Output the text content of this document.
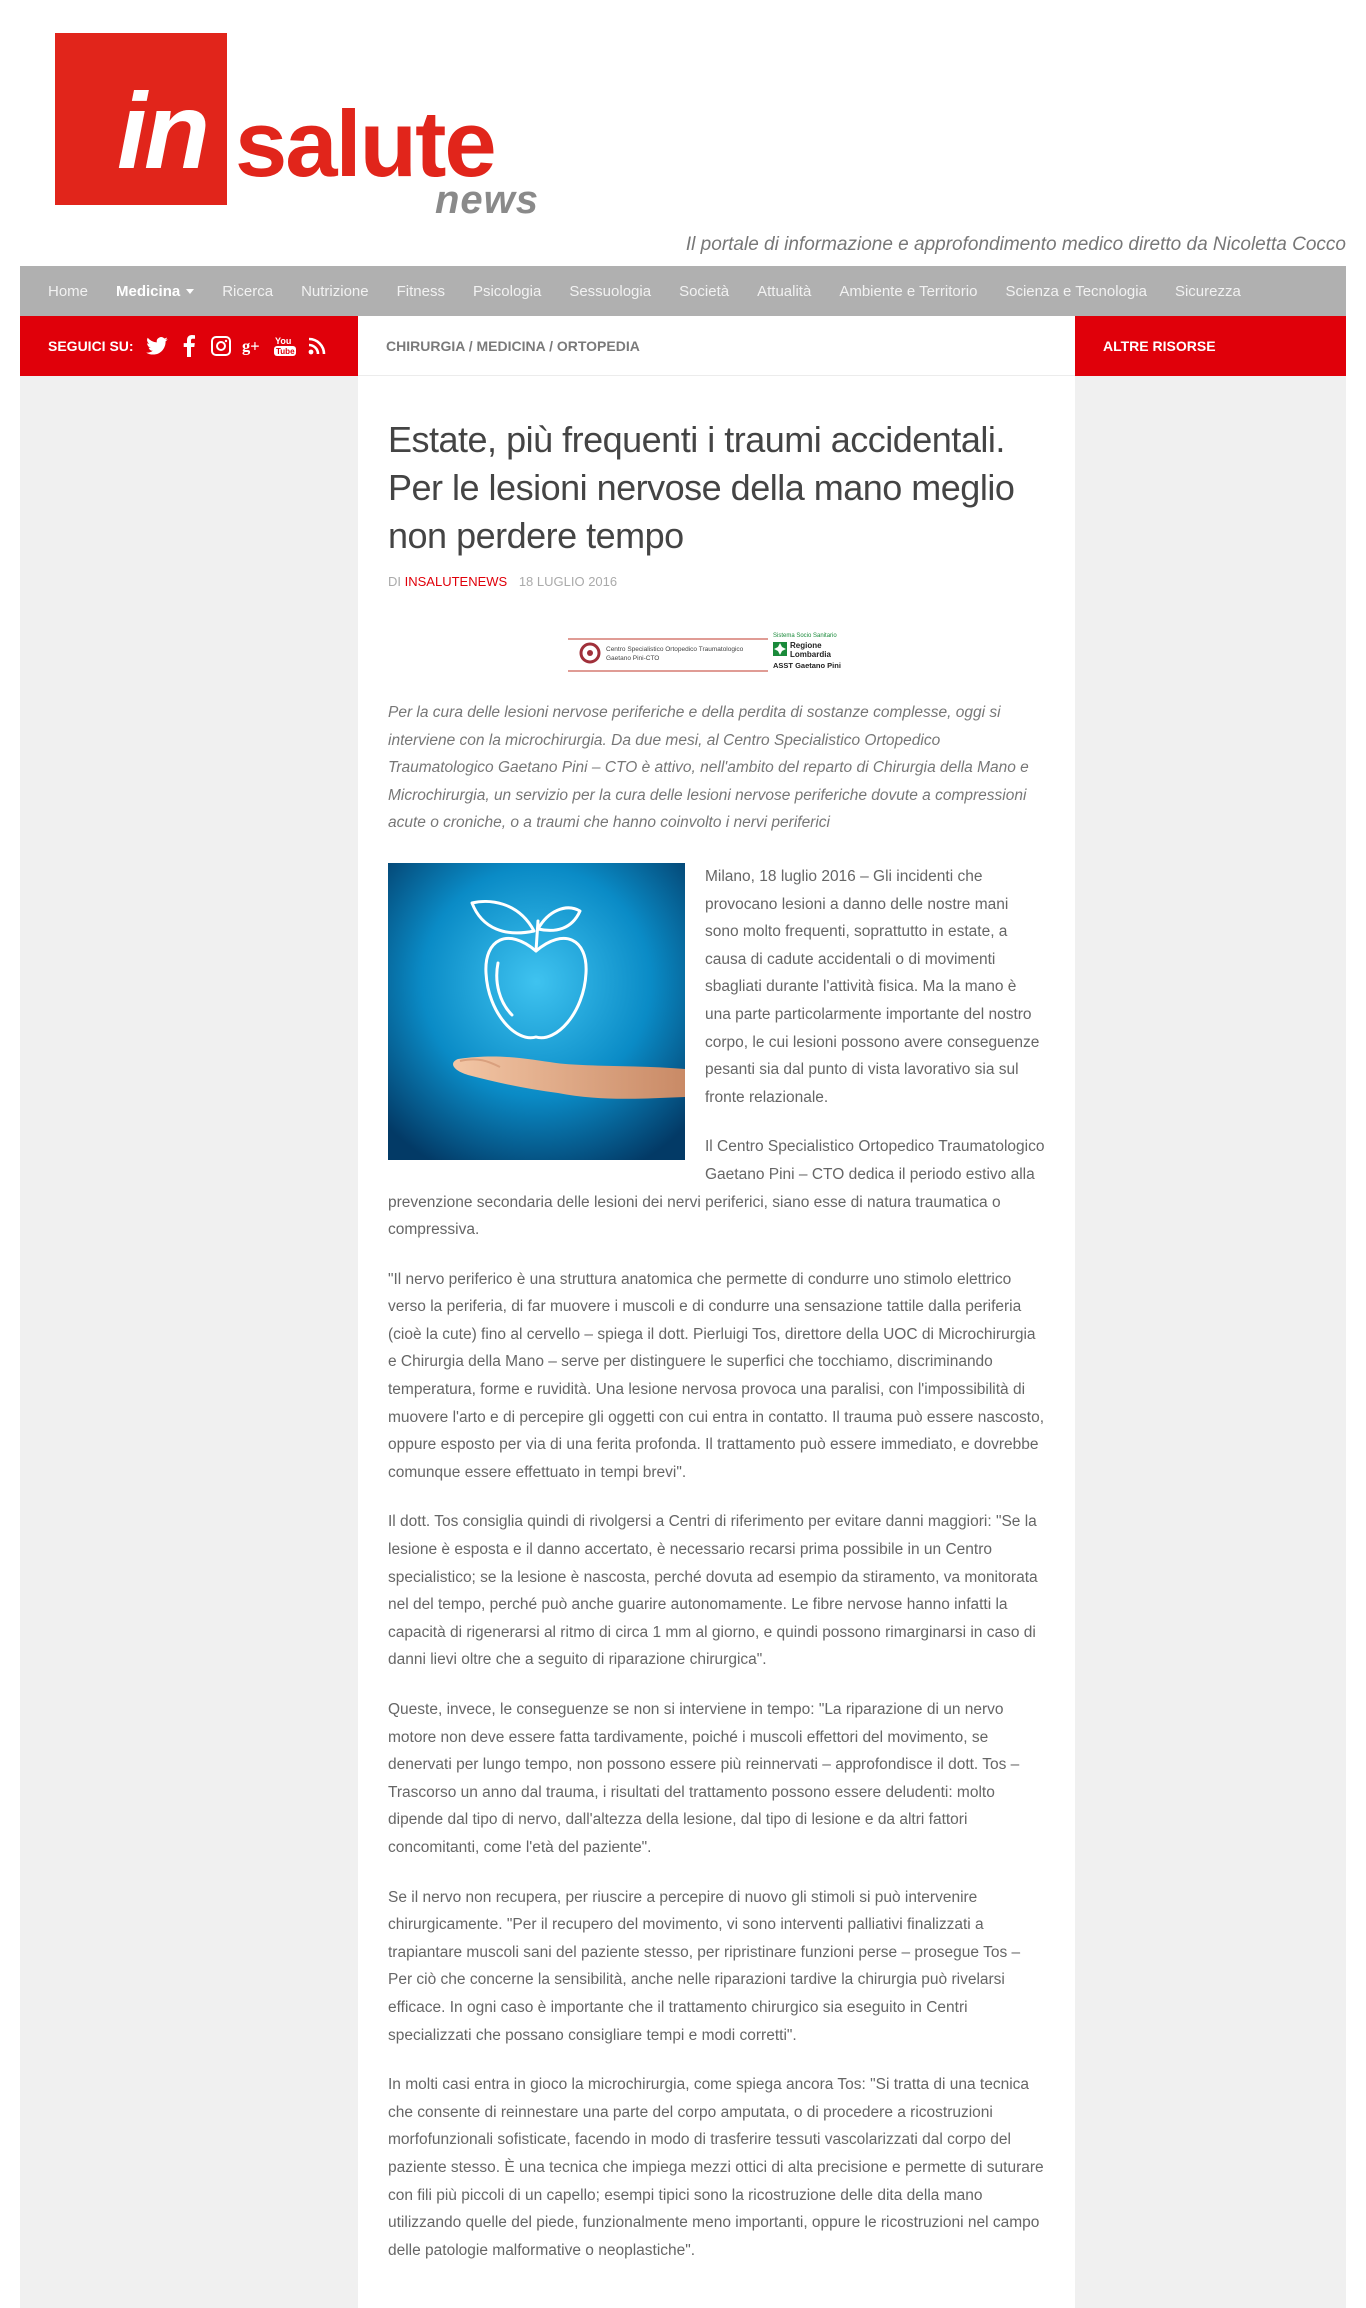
in salute
news
Il portale di informazione e approfondimento medico diretto da Nicoletta Cocco
Home Medicina	Ricerca Nutrizione Fitness Psicologia Sessuologia Società Attualità Ambiente e Territorio Scienza e Tecnologia Sicurezza
SEGUICI SU:	g+ You
Tube	CHIRURGIA / MEDICINA / ORTOPEDIA
Estate, più frequenti i traumi accidentali. Per le lesioni nervose della mano meglio non perdere tempo
DI INSALUTENEWS 18 LUGLIO 2016
Centro Specialistico Ortopedico Traumatologico
Gaetano Pini-CTO
Sistema Socio Sanitario
Regione
Lombardia
ASST Gaetano Pini

Per la cura delle lesioni nervose periferiche e della perdita di sostanze complesse, oggi si interviene con la microchirurgia. Da due mesi, al Centro Specialistico Ortopedico Traumatologico Gaetano Pini – CTO è attivo, nell'ambito del reparto di Chirurgia della Mano e Microchirurgia, un servizio per la cura delle lesioni nervose periferiche dovute a compressioni acute o croniche, o a traumi che hanno coinvolto i nervi periferici

Milano, 18 luglio 2016 – Gli incidenti che provocano lesioni a danno delle nostre mani sono molto frequenti, soprattutto in estate, a causa di cadute accidentali o di movimenti sbagliati durante l'attività fisica. Ma la mano è una parte particolarmente importante del nostro corpo, le cui lesioni possono avere conseguenze pesanti sia dal punto di vista lavorativo sia sul fronte relazionale.

Il Centro Specialistico Ortopedico Traumatologico Gaetano Pini – CTO dedica il periodo estivo alla prevenzione secondaria delle lesioni dei nervi periferici, siano esse di natura traumatica o compressiva.

"Il nervo periferico è una struttura anatomica che permette di condurre uno stimolo elettrico verso la periferia, di far muovere i muscoli e di condurre una sensazione tattile dalla periferia (cioè la cute) fino al cervello – spiega il dott. Pierluigi Tos, direttore della UOC di Microchirurgia e Chirurgia della Mano – serve per distinguere le superfici che tocchiamo, discriminando temperatura, forme e ruvidità. Una lesione nervosa provoca una paralisi, con l'impossibilità di muovere l'arto e di percepire gli oggetti con cui entra in contatto. Il trauma può essere nascosto, oppure esposto per via di una ferita profonda. Il trattamento può essere immediato, e dovrebbe comunque essere effettuato in tempi brevi".

Il dott. Tos consiglia quindi di rivolgersi a Centri di riferimento per evitare danni maggiori: "Se la lesione è esposta e il danno accertato, è necessario recarsi prima possibile in un Centro specialistico; se la lesione è nascosta, perché dovuta ad esempio da stiramento, va monitorata nel del tempo, perché può anche guarire autonomamente. Le fibre nervose hanno infatti la capacità di rigenerarsi al ritmo di circa 1 mm al giorno, e quindi possono rimarginarsi in caso di danni lievi oltre che a seguito di riparazione chirurgica".

Queste, invece, le conseguenze se non si interviene in tempo: "La riparazione di un nervo motore non deve essere fatta tardivamente, poiché i muscoli effettori del movimento, se denervati per lungo tempo, non possono essere più reinnervati – approfondisce il dott. Tos – Trascorso un anno dal trauma, i risultati del trattamento possono essere deludenti: molto dipende dal tipo di nervo, dall'altezza della lesione, dal tipo di lesione e da altri fattori concomitanti, come l'età del paziente".

Se il nervo non recupera, per riuscire a percepire di nuovo gli stimoli si può intervenire chirurgicamente. "Per il recupero del movimento, vi sono interventi palliativi finalizzati a trapiantare muscoli sani del paziente stesso, per ripristinare funzioni perse – prosegue Tos – Per ciò che concerne la sensibilità, anche nelle riparazioni tardive la chirurgia può rivelarsi efficace. In ogni caso è importante che il trattamento chirurgico sia eseguito in Centri specializzati che possano consigliare tempi e modi corretti".

In molti casi entra in gioco la microchirurgia, come spiega ancora Tos: "Si tratta di una tecnica che consente di reinnestare una parte del corpo amputata, o di procedere a ricostruzioni morfofunzionali sofisticate, facendo in modo di trasferire tessuti vascolarizzati dal corpo del paziente stesso. È una tecnica che impiega mezzi ottici di alta precisione e permette di suturare con fili più piccoli di un capello; esempi tipici sono la ricostruzione delle dita della mano utilizzando quelle del piede, funzionalmente meno importanti, oppure le ricostruzioni nel campo delle patologie malformative o neoplastiche".

ALTRE RISORSE
